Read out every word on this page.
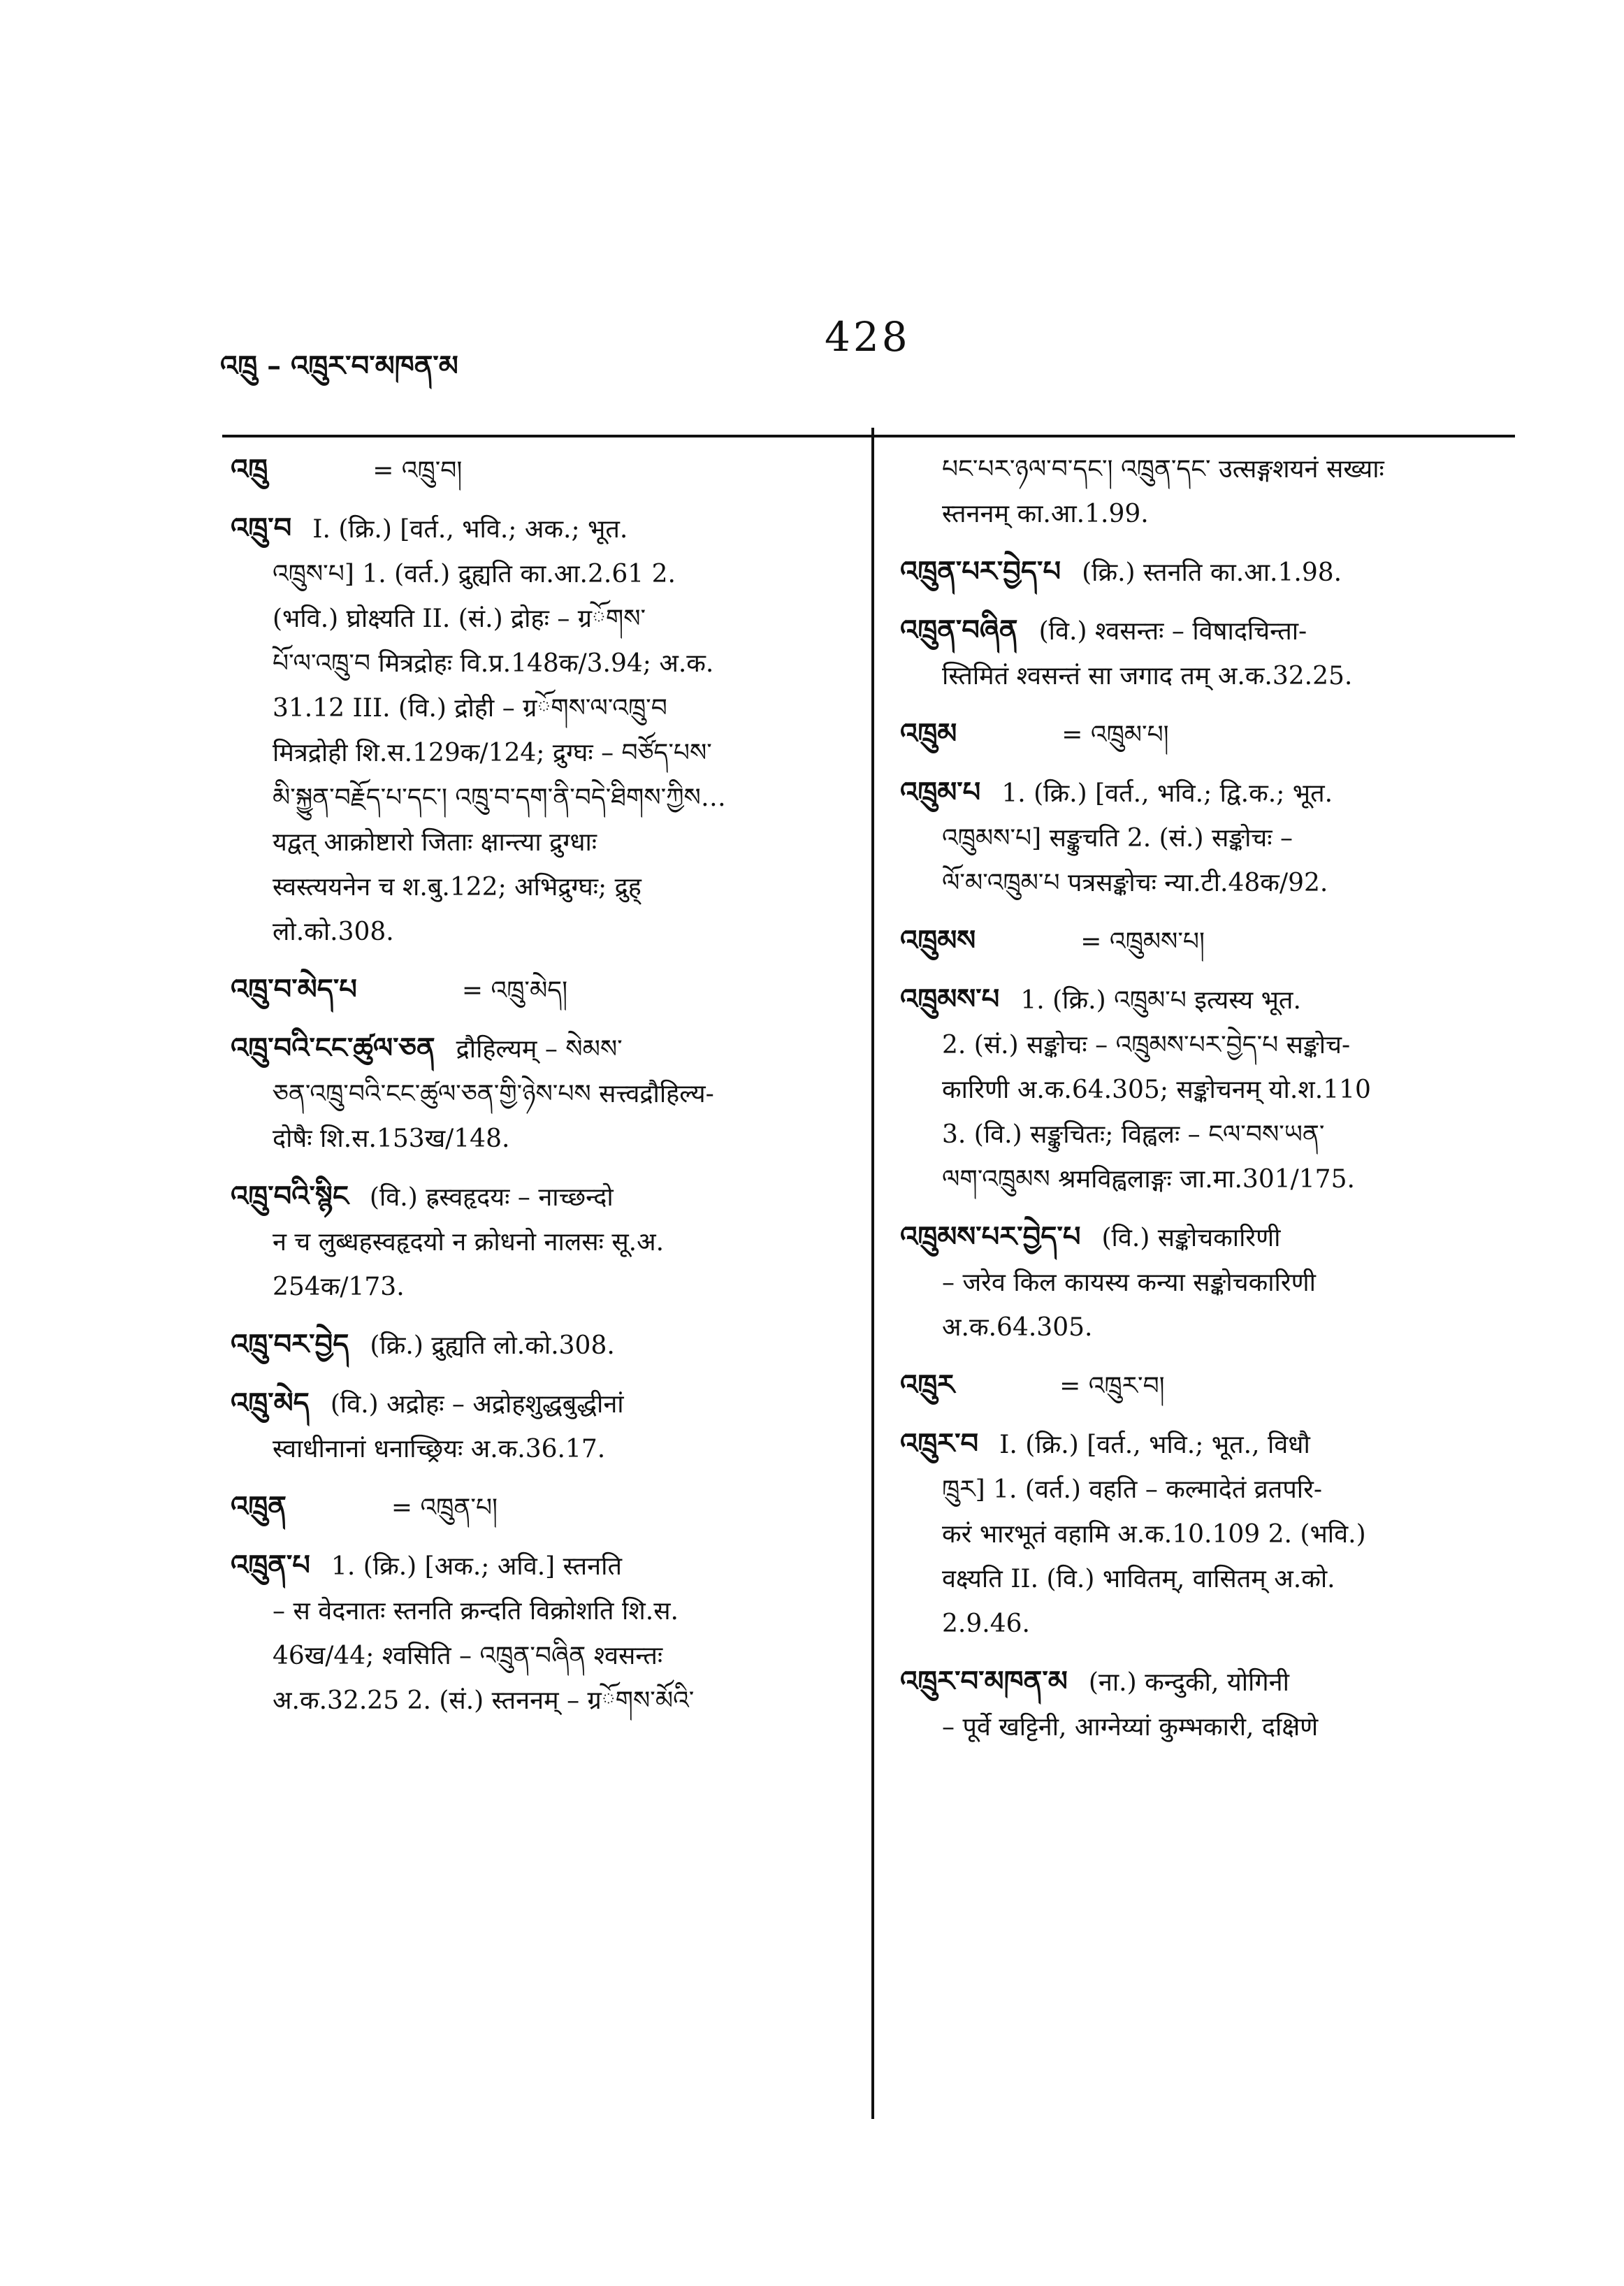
འཁྲུ – འཁྲུར་བ་མཁན་མ
428
འཁྲུ	= འཁྲུ་བ།
འཁྲུ་བ I. (क्रि.) [वर्त., भवि.; अक.; भूत.
འཁྲུས་པ] 1. (वर्त.) द्रुह्यति का.आ.2.61 2.
(भवि.) घ्रोक्ष्यति II. (सं.) द्रोहः – ग्रོགས་
པོ་ལ་འཁྲུ་བ मित्रद्रोहः वि.प्र.148क/3.94; अ.क.
31.12 III. (वि.) द्रोही – ग्रོགས་ལ་འཁྲུ་བ
मित्रद्रोही शि.स.129क/124; द्रुग्घः – བཙོད་པས་
མི་སྐྱུན་བརྗོད་པ་དང་། འཁྲུ་བ་དག་ནི་བདེ་ཐིགས་ཀྱིས…
यद्वत् आक्रोष्टारो जिताः क्षान्त्या द्रुग्धाः
स्वस्त्ययनेन च श.बु.122; अभिद्रुग्घः; द्रुह्
लो.को.308.
འཁྲུ་བ་མེད་པ	= འཁྲུ་མེད།
འཁྲུ་བའི་ངང་ཚུལ་ཅན द्रौहिल्यम् – སེམས་
ཅན་འཁྲུ་བའི་ངང་ཚུལ་ཅན་གྱི་ཉེས་པས सत्त्वद्रौहिल्य-
दोषैः शि.स.153ख/148.
འཁྲུ་བའི་སྙིང (वि.) ह्रस्वहृदयः – नाच्छन्दो
न च लुब्धहस्वहृदयो न क्रोधनो नालसः सू.अ.
254क/173.
འཁྲུ་བར་བྱེད (क्रि.) द्रुह्यति लो.को.308.
འཁྲུ་མེད (वि.) अद्रोहः – अद्रोहशुद्धबुद्धीनां
स्वाधीनानां धनाच्छ्रियः अ.क.36.17.
འཁྲུན	= འཁྲུན་པ།
འཁྲུན་པ 1. (क्रि.) [अक.; अवि.] स्तनति
– स वेदनातः स्तनति क्रन्दति विक्रोशति शि.स.
46ख/44; श्वसिति – འཁྲུན་བཞིན श्वसन्तः
अ.क.32.25 2. (सं.) स्तननम् – ग्रོགས་མོའི་
པང་པར་ཉལ་བ་དང་། འཁྲུན་དང་ उत्सङ्गशयनं सख्याः
स्तननम् का.आ.1.99.
འཁྲུན་པར་བྱེད་པ (क्रि.) स्तनति का.आ.1.98.
འཁྲུན་བཞིན (वि.) श्वसन्तः – विषादचिन्ता-
स्तिमितं श्वसन्तं सा जगाद तम् अ.क.32.25.
འཁྲུམ	= འཁྲུམ་པ།
འཁྲུམ་པ 1. (क्रि.) [वर्त., भवि.; द्वि.क.; भूत.
འཁྲུམས་པ] सङ्कुचति 2. (सं.) सङ्कोचः –
ལོ་མ་འཁྲུམ་པ पत्रसङ्कोचः न्या.टी.48क/92.
འཁྲུམས	= འཁྲུམས་པ།
འཁྲུམས་པ 1. (क्रि.) འཁྲུམ་པ इत्यस्य भूत.
2. (सं.) सङ्कोचः – འཁྲུམས་པར་བྱེད་པ सङ्कोच-
कारिणी अ.क.64.305; सङ्कोचनम् यो.श.110
3. (वि.) सङ्कुचितः; विह्वलः – ངལ་བས་ཡན་
ལག་འཁྲུམས श्रमविह्वलाङ्गः जा.मा.301/175.
འཁྲུམས་པར་བྱེད་པ (वि.) सङ्कोचकारिणी
– जरेव किल कायस्य कन्या सङ्कोचकारिणी
अ.क.64.305.
འཁྲུར	= འཁྲུར་བ།
འཁྲུར་བ I. (क्रि.) [वर्त., भवि.; भूत., विधौ
ཁྲུར] 1. (वर्त.) वहति – कल्मादेतं व्रतपरि-
करं भारभूतं वहामि अ.क.10.109 2. (भवि.)
वक्ष्यति II. (वि.) भावितम्, वासितम् अ.को.
2.9.46.
འཁྲུར་བ་མཁན་མ (ना.) कन्दुकी, योगिनी
– पूर्वे खट्टिनी, आग्नेय्यां कुम्भकारी, दक्षिणे
